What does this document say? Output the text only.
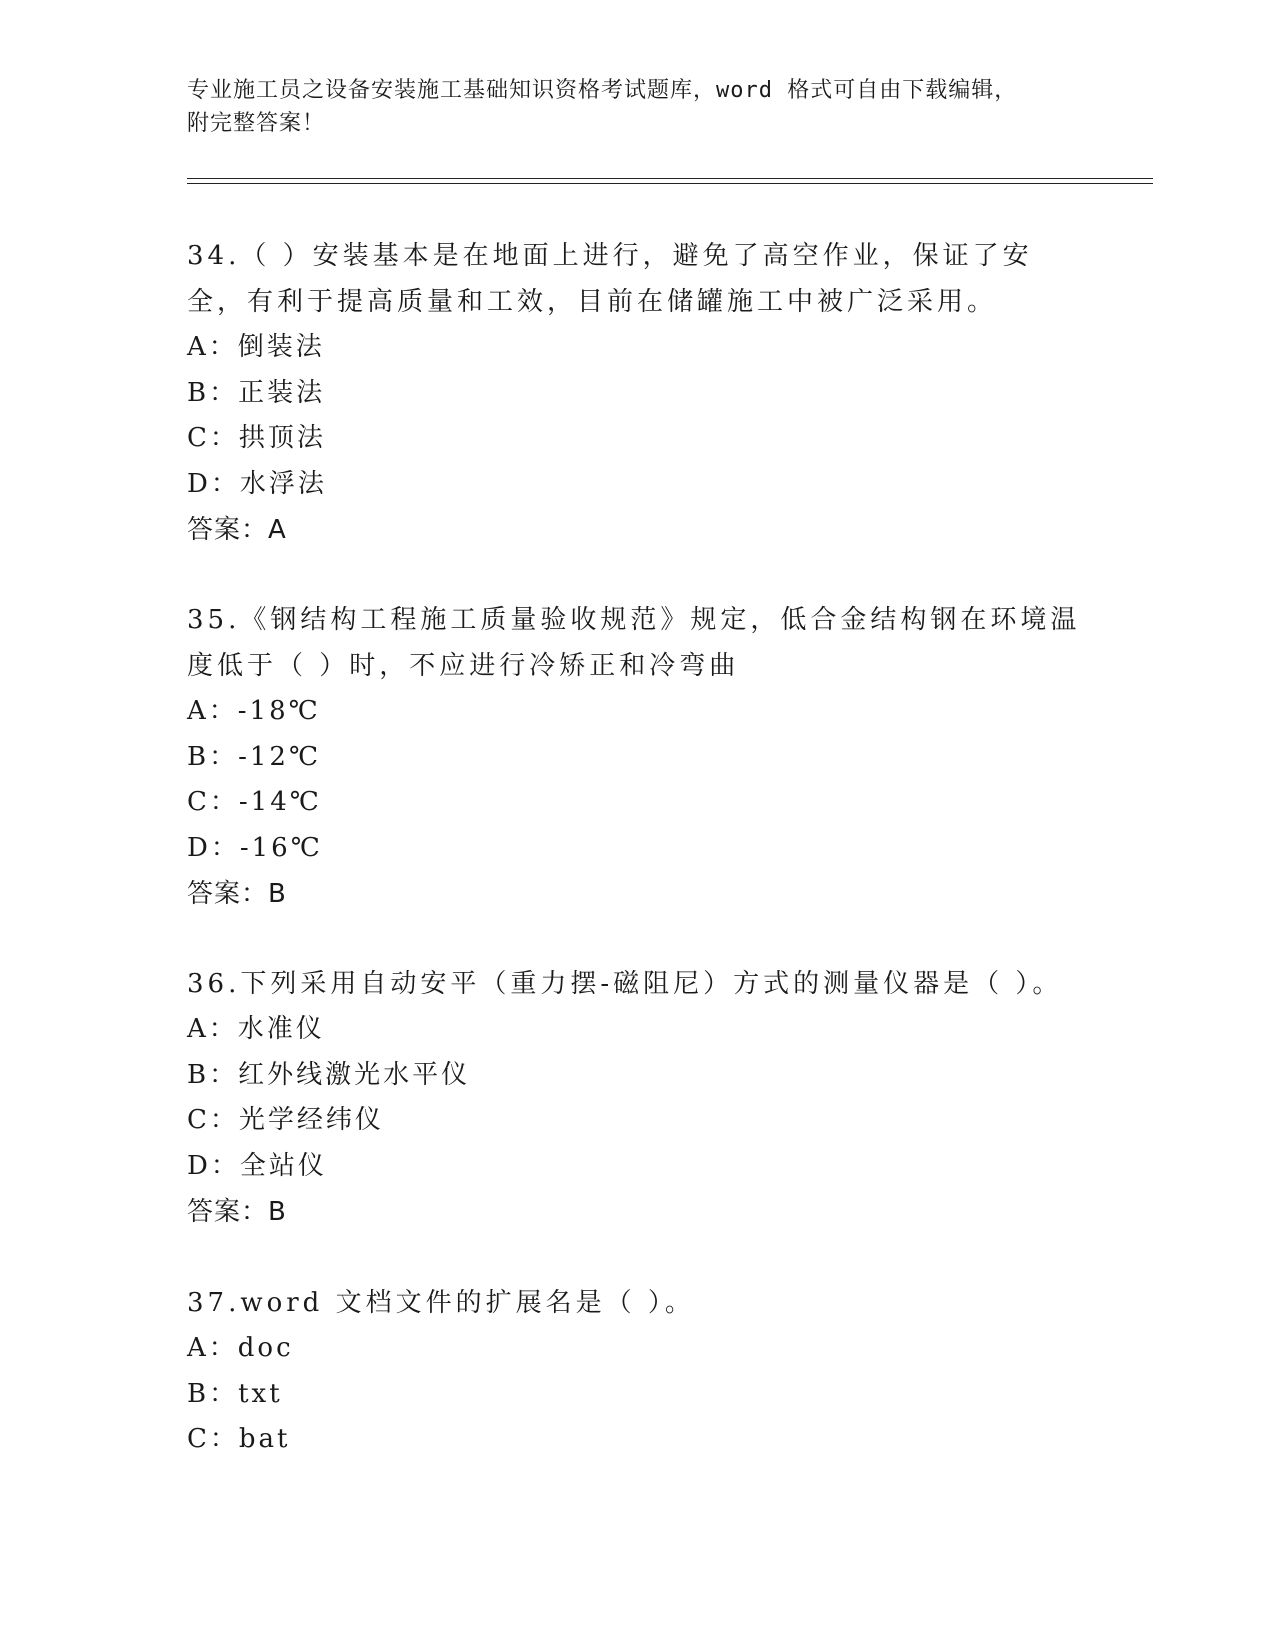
专业施工员之设备安装施工基础知识资格考试题库，word 格式可自由下载编辑，
附完整答案！
34.（ ）安装基本是在地面上进行，避免了高空作业，保证了安全，有利于提高质量和工效，目前在储罐施工中被广泛采用。
A：倒装法
B：正装法
C：拱顶法
D：水浮法
答案：A
35.《钢结构工程施工质量验收规范》规定，低合金结构钢在环境温度低于（ ）时，不应进行冷矫正和冷弯曲
A：-18℃
B：-12℃
C：-14℃
D：-16℃
答案：B
36.下列采用自动安平（重力摆-磁阻尼）方式的测量仪器是（ ）。
A：水准仪
B：红外线激光水平仪
C：光学经纬仪
D：全站仪
答案：B
37.word 文档文件的扩展名是（ ）。
A：doc
B：txt
C：bat
